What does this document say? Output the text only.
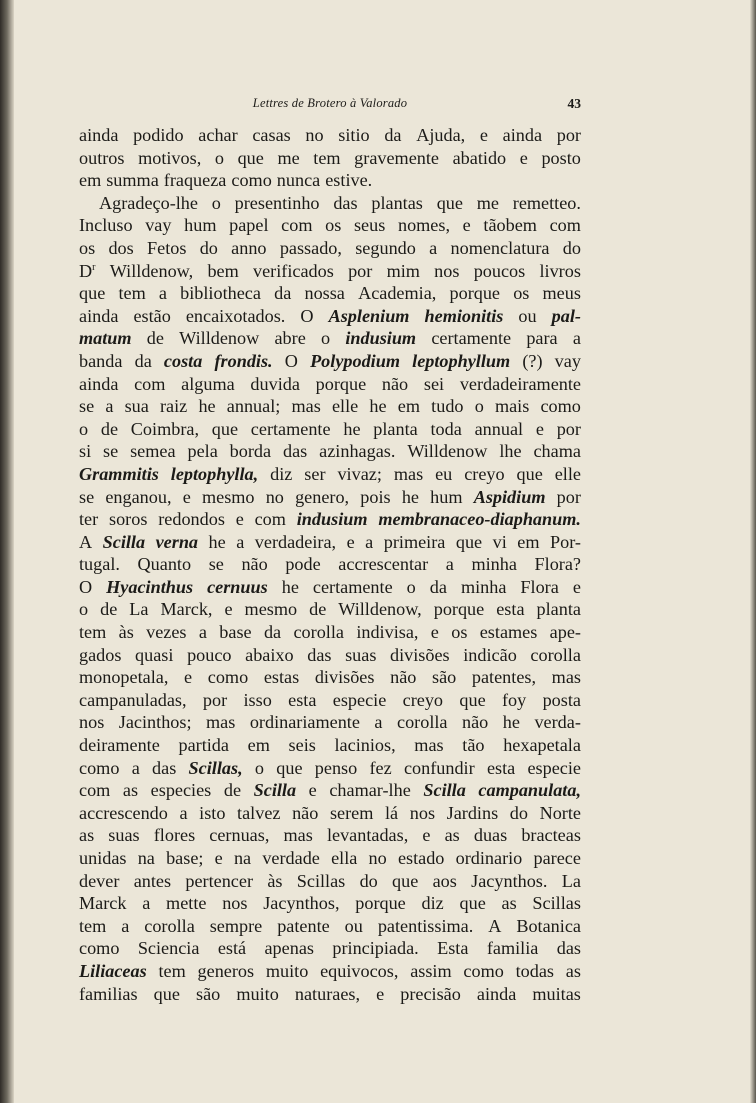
Lettres de Brotero à Valorado	43
ainda podido achar casas no sitio da Ajuda, e ainda por
outros motivos, o que me tem gravemente abatido e posto
em summa fraqueza como nunca estive.
Agradeço-lhe o presentinho das plantas que me remetteo.
Incluso vay hum papel com os seus nomes, e tãobem com
os dos Fetos do anno passado, segundo a nomenclatura do
$D^r$ Willdenow, bem verificados por mim nos poucos livros
que tem a bibliotheca da nossa Academia, porque os meus
ainda estão encaixotados. O Asplenium hemionitis ou pal-
matum de Willdenow abre o indusium certamente para a
banda da costa frondis. O Polypodium leptophyllum (?) vay
ainda com alguma duvida porque não sei verdadeiramente
se a sua raiz he annual; mas elle he em tudo o mais como
o de Coimbra, que certamente he planta toda annual e por
si se semea pela borda das azinhagas. Willdenow lhe chama
Grammitis leptophylla, diz ser vivaz; mas eu creyo que elle
se enganou, e mesmo no genero, pois he hum Aspidium por
ter soros redondos e com indusium membranaceo-diaphanum.
A Scilla verna he a verdadeira, e a primeira que vi em Por-
tugal. Quanto se não pode accrescentar a minha Flora?
O Hyacinthus cernuus he certamente o da minha Flora e
o de La Marck, e mesmo de Willdenow, porque esta planta
tem às vezes a base da corolla indivisa, e os estames ape-
gados quasi pouco abaixo das suas divisões indicão corolla
monopetala, e como estas divisões não são patentes, mas
campanuladas, por isso esta especie creyo que foy posta
nos Jacinthos; mas ordinariamente a corolla não he verda-
deiramente partida em seis lacinios, mas tão hexapetala
como a das Scillas, o que penso fez confundir esta especie
com as especies de Scilla e chamar-lhe Scilla campanulata,
accrescendo a isto talvez não serem lá nos Jardins do Norte
as suas flores cernuas, mas levantadas, e as duas bracteas
unidas na base; e na verdade ella no estado ordinario parece
dever antes pertencer às Scillas do que aos Jacynthos. La
Marck a mette nos Jacynthos, porque diz que as Scillas
tem a corolla sempre patente ou patentissima. A Botanica
como Sciencia está apenas principiada. Esta familia das
Liliaceas tem generos muito equivocos, assim como todas as
familias que são muito naturaes, e precisão ainda muitas
